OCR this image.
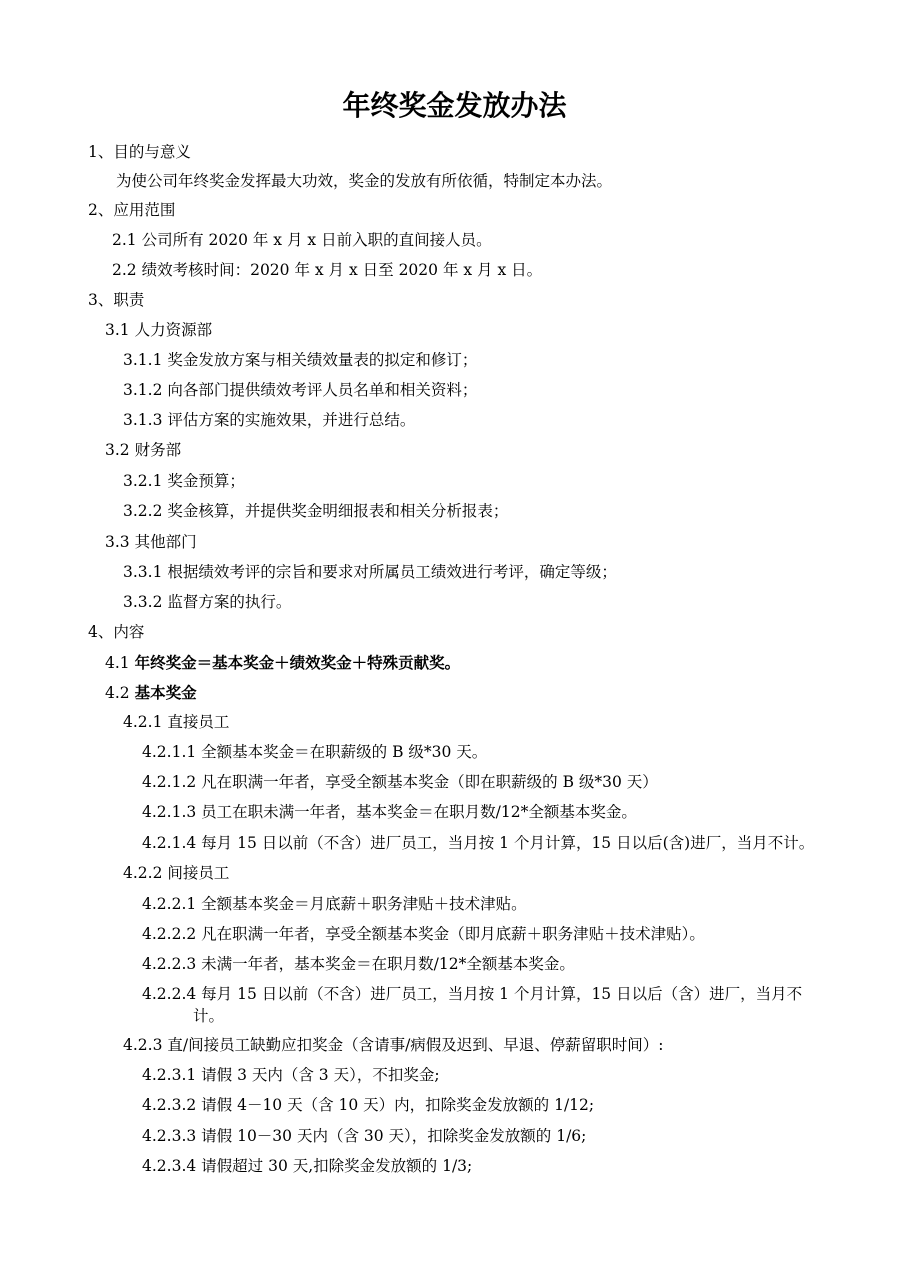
年终奖金发放办法
1、目的与意义
为使公司年终奖金发挥最大功效，奖金的发放有所依循，特制定本办法。
2、应用范围
2.1 公司所有 2020 年 x 月 x 日前入职的直间接人员。
2.2 绩效考核时间：2020 年 x 月 x 日至 2020 年 x 月 x 日。
3、职责
3.1 人力资源部
3.1.1 奖金发放方案与相关绩效量表的拟定和修订；
3.1.2 向各部门提供绩效考评人员名单和相关资料；
3.1.3 评估方案的实施效果，并进行总结。
3.2 财务部
3.2.1 奖金预算；
3.2.2 奖金核算，并提供奖金明细报表和相关分析报表；
3.3 其他部门
3.3.1 根据绩效考评的宗旨和要求对所属员工绩效进行考评，确定等级；
3.3.2 监督方案的执行。
4、内容
4.1 年终奖金＝基本奖金＋绩效奖金＋特殊贡献奖。
4.2 基本奖金
4.2.1 直接员工
4.2.1.1 全额基本奖金＝在职薪级的 B 级*30 天。
4.2.1.2 凡在职满一年者，享受全额基本奖金（即在职薪级的 B 级*30 天）
4.2.1.3 员工在职未满一年者，基本奖金＝在职月数/12*全额基本奖金。
4.2.1.4 每月 15 日以前（不含）进厂员工，当月按 1 个月计算，15 日以后(含)进厂，当月不计。
4.2.2 间接员工
4.2.2.1 全额基本奖金＝月底薪＋职务津贴＋技术津贴。
4.2.2.2 凡在职满一年者，享受全额基本奖金（即月底薪＋职务津贴＋技术津贴）。
4.2.2.3 未满一年者，基本奖金＝在职月数/12*全额基本奖金。
4.2.2.4 每月 15 日以前（不含）进厂员工，当月按 1 个月计算，15 日以后（含）进厂，当月不
计。
4.2.3 直/间接员工缺勤应扣奖金（含请事/病假及迟到、早退、停薪留职时间）:
4.2.3.1 请假 3 天内（含 3 天），不扣奖金;
4.2.3.2 请假 4－10 天（含 10 天）内，扣除奖金发放额的 1/12;
4.2.3.3 请假 10－30 天内（含 30 天），扣除奖金发放额的 1/6;
4.2.3.4 请假超过 30 天,扣除奖金发放额的 1/3;
